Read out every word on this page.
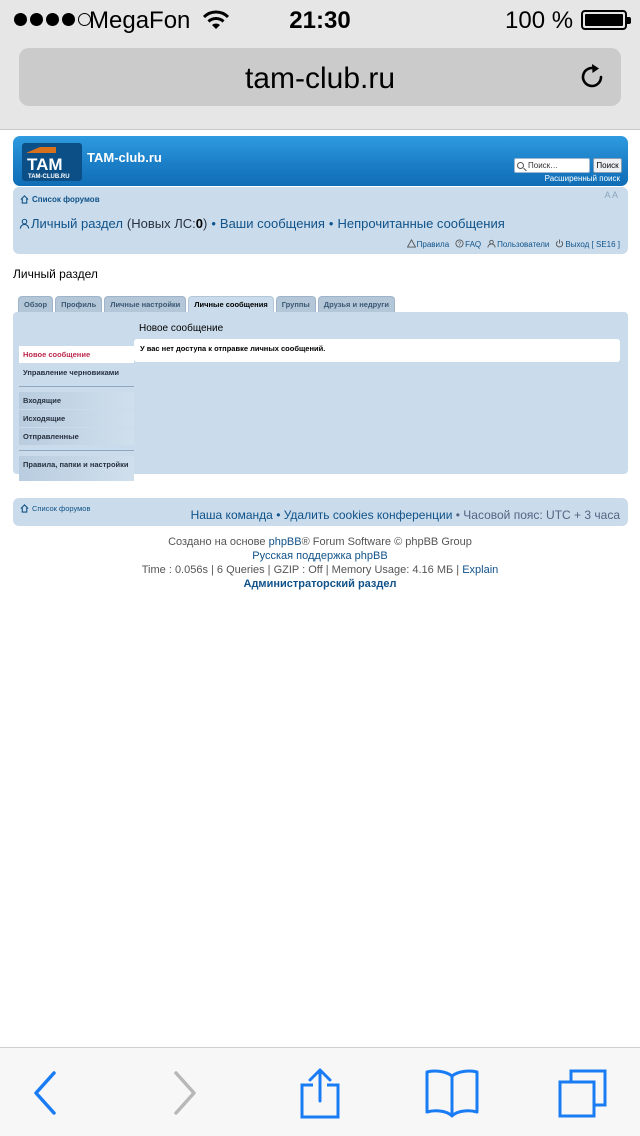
MegaFon	21:30	100 %
tam-club.ru
TAM
TAM-CLUB.RU
TAM-club.ru
Поиск…	Поиск
Расширенный поиск
Список форумов	A A
Личный раздел (Новых ЛС: 0 ) • Ваши сообщения • Непрочитанные сообщения
Правила ? FAQ	Пользователи	Выход [ SE16 ]
Личный раздел
Обзор	Профиль	Личные настройки	Личные сообщения	Группы	Друзья и недруги
Новое сообщение
Управление черновиками
Входящие
Исходящие
Отправленные
Правила, папки и настройки
Новое сообщение
У вас нет доступа к отправке личных сообщений.
Список форумов	Наша команда • Удалить cookies конференции • Часовой пояс: UTC + 3 часа
Создано на основе phpBB® Forum Software © phpBB Group
Русская поддержка phpBB
Time : 0.056s | 6 Queries | GZIP : Off | Memory Usage: 4.16 МБ | Explain
Администраторский раздел
